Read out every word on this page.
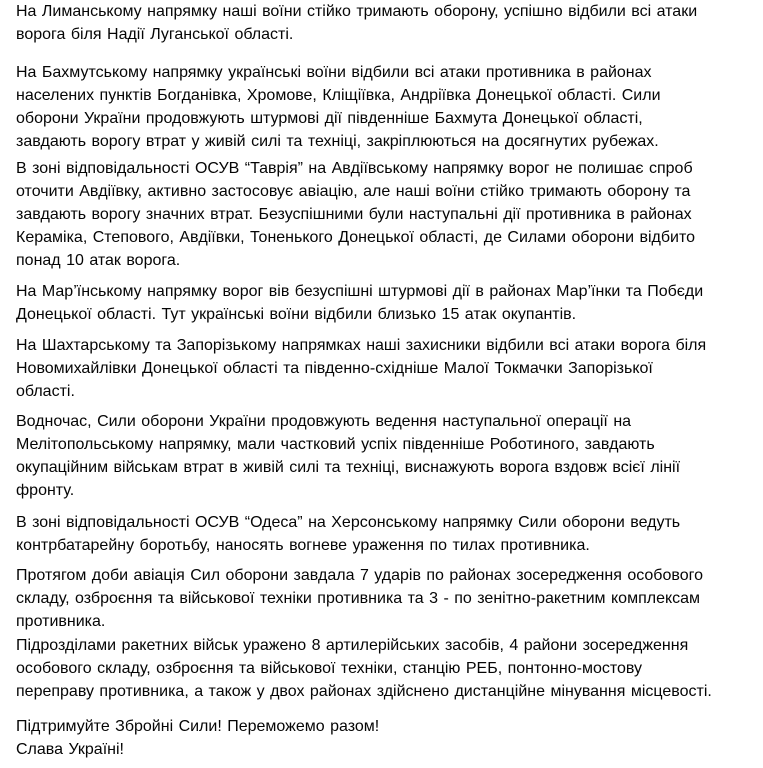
На Лиманському напрямку наші воїни стійко тримають оборону, успішно відбили всі атаки
ворога біля Надії Луганської області.
На Бахмутському напрямку українські воїни відбили всі атаки противника в районах
населених пунктів Богданівка, Хромове, Кліщіївка, Андріївка Донецької області. Сили
оборони України продовжують штурмові дії південніше Бахмута Донецької області,
завдають ворогу втрат у живій силі та техніці, закріплюються на досягнутих рубежах.
В зоні відповідальності ОСУВ “Таврія” на Авдіївському напрямку ворог не полишає спроб
оточити Авдіївку, активно застосовує авіацію, але наші воїни стійко тримають оборону та
завдають ворогу значних втрат. Безуспішними були наступальні дії противника в районах
Кераміка, Степового, Авдіївки, Тоненького Донецької області, де Силами оборони відбито
понад 10 атак ворога.
На Мар’їнському напрямку ворог вів безуспішні штурмові дії в районах Мар’їнки та Побєди
Донецької області. Тут українські воїни відбили близько 15 атак окупантів.
На Шахтарському та Запорізькому напрямках наші захисники відбили всі атаки ворога біля
Новомихайлівки Донецької області та південно-східніше Малої Токмачки Запорізької
області.
Водночас, Сили оборони України продовжують ведення наступальної операції на
Мелітопольському напрямку, мали частковий успіх південніше Роботиного, завдають
окупаційним військам втрат в живій силі та техніці, виснажують ворога вздовж всієї лінії
фронту.
В зоні відповідальності ОСУВ “Одеса” на Херсонському напрямку Сили оборони ведуть
контрбатарейну боротьбу, наносять вогневе ураження по тилах противника.
Протягом доби авіація Сил оборони завдала 7 ударів по районах зосередження особового
складу, озброєння та військової техніки противника та 3 - по зенітно-ракетним комплексам
противника.
Підрозділами ракетних військ уражено 8 артилерійських засобів, 4 райони зосередження
особового складу, озброєння та військової техніки, станцію РЕБ, понтонно-мостову
переправу противника, а також у двох районах здійснено дистанційне мінування місцевості.
Підтримуйте Збройні Сили! Переможемо разом!
Слава Україні!
